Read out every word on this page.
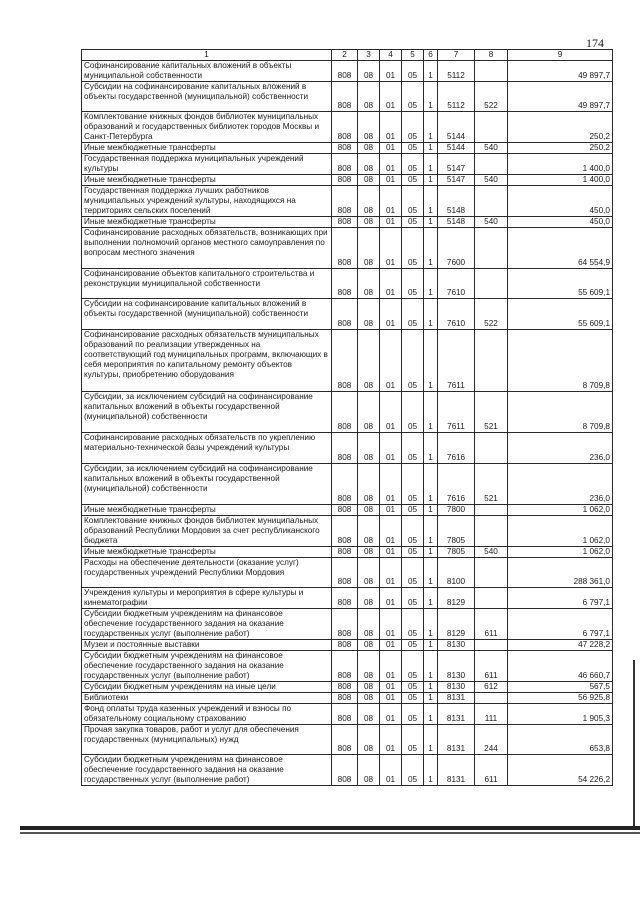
174
1	2	3	4	5	6	7	8	9
Софинансирование капитальных вложений в объекты муниципальной собственности	808	08	01	05	1	5112		49 897,7
Субсидии на софинансирование капитальных вложений в объекты государственной (муниципальной) собственности	808	08	01	05	1	5112	522	49 897,7
Комплектование книжных фондов библиотек муниципальных образований и государственных библиотек городов Москвы и Санкт-Петербурга	808	08	01	05	1	5144		250,2
Иные межбюджетные трансферты	808	08	01	05	1	5144	540	250,2
Государственная поддержка муниципальных учреждений культуры	808	08	01	05	1	5147		1 400,0
Иные межбюджетные трансферты	808	08	01	05	1	5147	540	1 400,0
Государственная поддержка лучших работников муниципальных учреждений культуры, находящихся на территориях сельских поселений	808	08	01	05	1	5148		450,0
Иные межбюджетные трансферты	808	08	01	05	1	5148	540	450,0
Софинансирование расходных обязательств, возникающих при выполнении полномочий органов местного самоуправления по вопросам местного значения	808	08	01	05	1	7600		64 554,9
Софинансирование объектов капитального строительства и реконструкции муниципальной собственности	808	08	01	05	1	7610		55 609,1
Субсидии на софинансирование капитальных вложений в объекты государственной (муниципальной) собственности	808	08	01	05	1	7610	522	55 609,1
Софинансирование расходных обязательств муниципальных образований по реализации утвержденных на соответствующий год муниципальных программ, включающих в себя мероприятия по капитальному ремонту объектов культуры, приобретению оборудования	808	08	01	05	1	7611		8 709,8
Субсидии, за исключением субсидий на софинансирование капитальных вложений в объекты государственной (муниципальной) собственности	808	08	01	05	1	7611	521	8 709,8
Софинансирование расходных обязательств по укреплению материально-технической базы учреждений культуры	808	08	01	05	1	7616		236,0
Субсидии, за исключением субсидий на софинансирование капитальных вложений в объекты государственной (муниципальной) собственности	808	08	01	05	1	7616	521	236,0
Иные межбюджетные трансферты	808	08	01	05	1	7800		1 062,0
Комплектование книжных фондов библиотек муниципальных образований Республики Мордовия за счет республиканского бюджета	808	08	01	05	1	7805		1 062,0
Иные межбюджетные трансферты	808	08	01	05	1	7805	540	1 062,0
Расходы на обеспечение деятельности (оказание услуг) государственных учреждений Республики Мордовия	808	08	01	05	1	8100		288 361,0
Учреждения культуры и мероприятия в сфере культуры и кинематографии	808	08	01	05	1	8129		6 797,1
Субсидии бюджетным учреждениям на финансовое обеспечение государственного задания на оказание государственных услуг (выполнение работ)	808	08	01	05	1	8129	611	6 797,1
Музеи и постоянные выставки	808	08	01	05	1	8130		47 228,2
Субсидии бюджетным учреждениям на финансовое обеспечение государственного задания на оказание государственных услуг (выполнение работ)	808	08	01	05	1	8130	611	46 660,7
Субсидии бюджетным учреждениям на иные цели	808	08	01	05	1	8130	612	567,5
Библиотеки	808	08	01	05	1	8131		56 925,8
Фонд оплаты труда казенных учреждений и взносы по обязательному социальному страхованию	808	08	01	05	1	8131	111	1 905,3
Прочая закупка товаров, работ и услуг для обеспечения государственных (муниципальных) нужд	808	08	01	05	1	8131	244	653,8
Субсидии бюджетным учреждениям на финансовое обеспечение государственного задания на оказание государственных услуг (выполнение работ)	808	08	01	05	1	8131	611	54 226,2
